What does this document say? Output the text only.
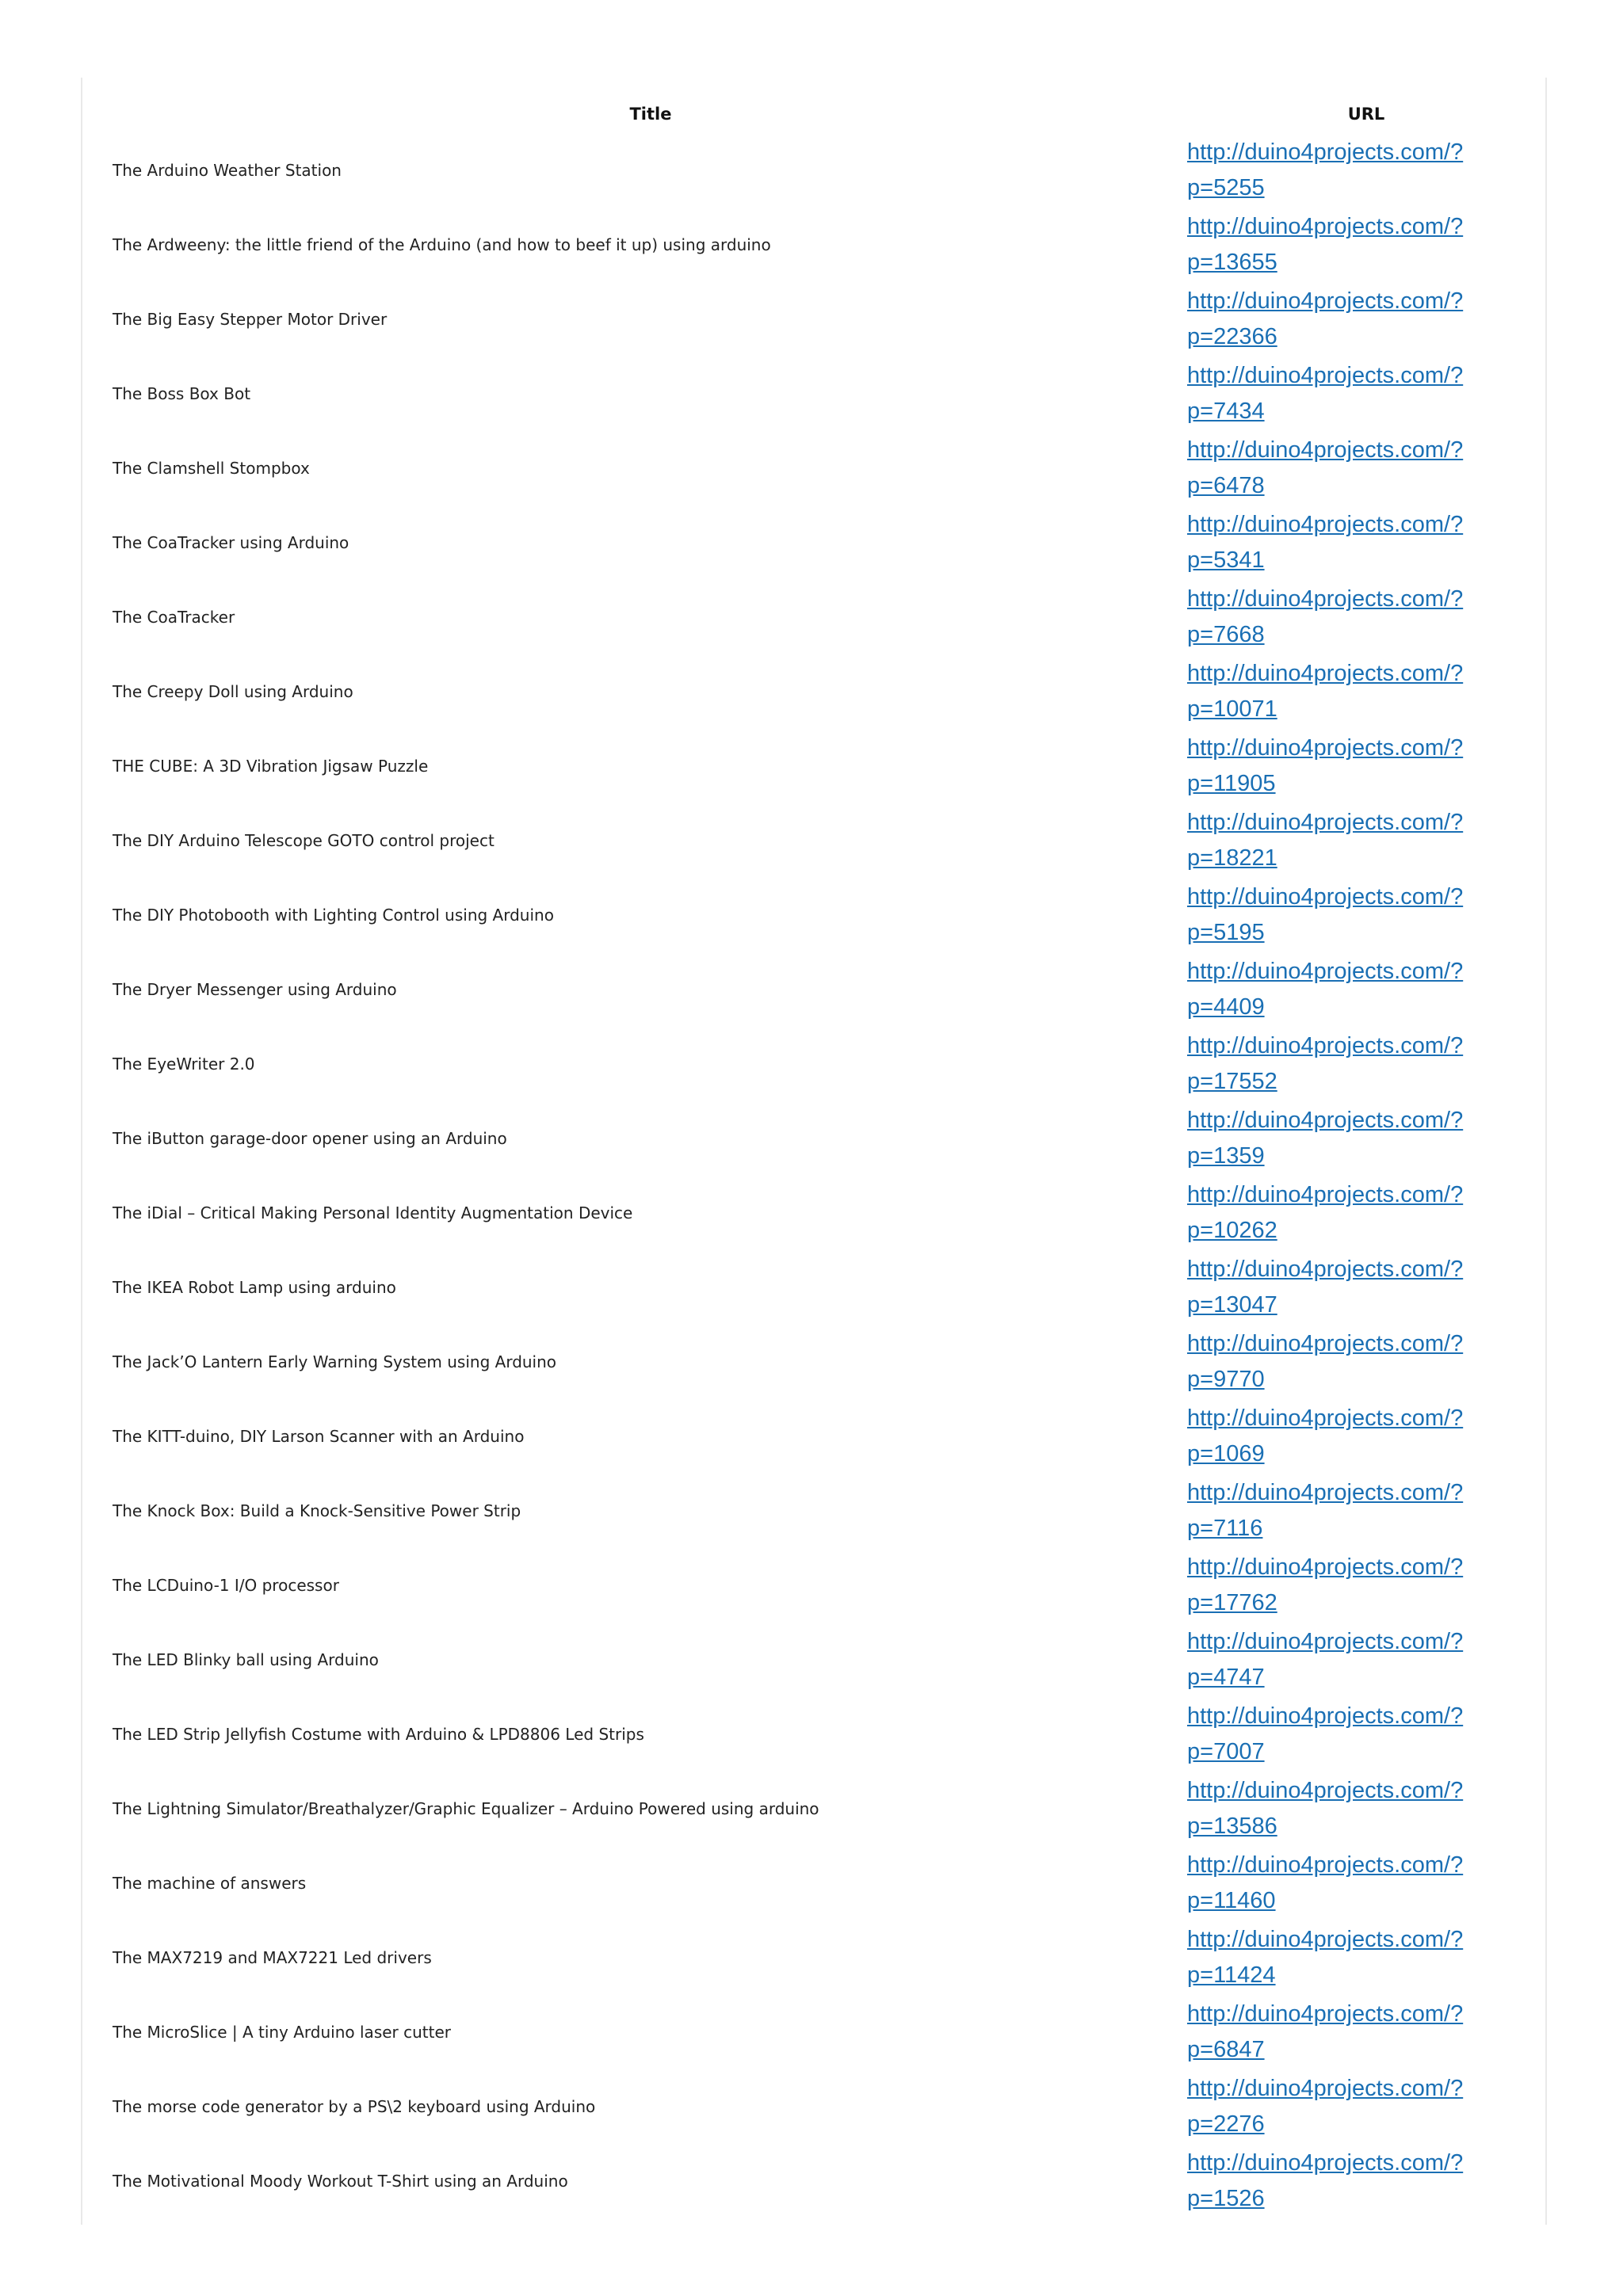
Title	URL
The Arduino Weather Station	http://duino4projects.com/?p=5255

The Ardweeny: the little friend of the Arduino (and how to beef it up) using arduino	http://duino4projects.com/?p=13655

The Big Easy Stepper Motor Driver	http://duino4projects.com/?p=22366

The Boss Box Bot	http://duino4projects.com/?p=7434

The Clamshell Stompbox	http://duino4projects.com/?p=6478

The CoaTracker using Arduino	http://duino4projects.com/?p=5341

The CoaTracker	http://duino4projects.com/?p=7668

The Creepy Doll using Arduino	http://duino4projects.com/?p=10071

THE CUBE: A 3D Vibration Jigsaw Puzzle	http://duino4projects.com/?p=11905

The DIY Arduino Telescope GOTO control project	http://duino4projects.com/?p=18221

The DIY Photobooth with Lighting Control using Arduino	http://duino4projects.com/?p=5195

The Dryer Messenger using Arduino	http://duino4projects.com/?p=4409

The EyeWriter 2.0	http://duino4projects.com/?p=17552

The iButton garage-door opener using an Arduino	http://duino4projects.com/?p=1359

The iDial – Critical Making Personal Identity Augmentation Device	http://duino4projects.com/?p=10262

The IKEA Robot Lamp using arduino	http://duino4projects.com/?p=13047

The Jack’O Lantern Early Warning System using Arduino	http://duino4projects.com/?p=9770

The KITT-duino, DIY Larson Scanner with an Arduino	http://duino4projects.com/?p=1069

The Knock Box: Build a Knock-Sensitive Power Strip	http://duino4projects.com/?p=7116

The LCDuino-1 I/O processor	http://duino4projects.com/?p=17762

The LED Blinky ball using Arduino	http://duino4projects.com/?p=4747

The LED Strip Jellyfish Costume with Arduino & LPD8806 Led Strips	http://duino4projects.com/?p=7007

The Lightning Simulator/Breathalyzer/Graphic Equalizer – Arduino Powered using arduino	http://duino4projects.com/?p=13586

The machine of answers	http://duino4projects.com/?p=11460

The MAX7219 and MAX7221 Led drivers	http://duino4projects.com/?p=11424

The MicroSlice | A tiny Arduino laser cutter	http://duino4projects.com/?p=6847

The morse code generator by a PS\2 keyboard using Arduino	http://duino4projects.com/?p=2276

The Motivational Moody Workout T-Shirt using an Arduino	http://duino4projects.com/?p=1526
